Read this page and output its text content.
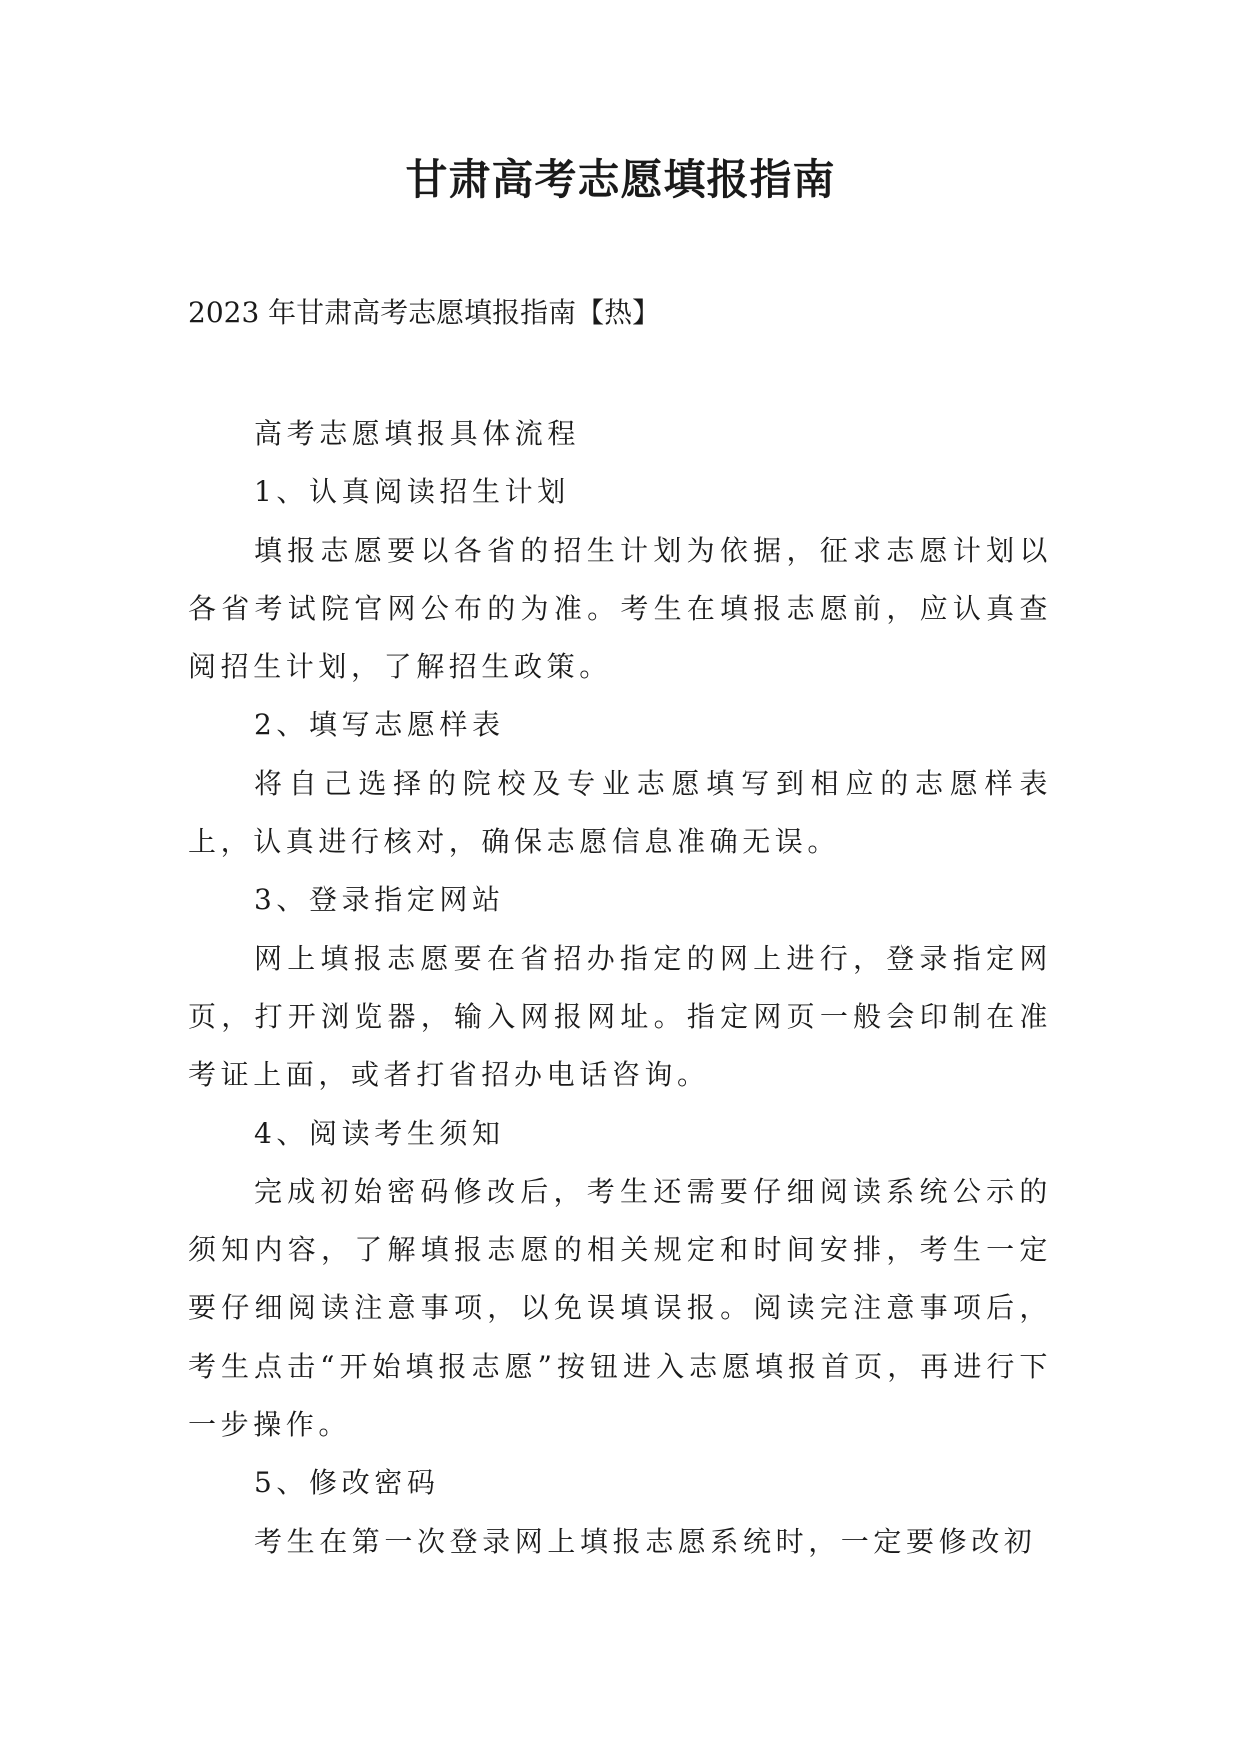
甘肃高考志愿填报指南

2023 年甘肃高考志愿填报指南【热】

高考志愿填报具体流程

1、认真阅读招生计划

填报志愿要以各省的招生计划为依据，征求志愿计划以各省考试院官网公布的为准。考生在填报志愿前，应认真查阅招生计划，了解招生政策。

2、填写志愿样表

将自己选择的院校及专业志愿填写到相应的志愿样表上，认真进行核对，确保志愿信息准确无误。

3、登录指定网站

网上填报志愿要在省招办指定的网上进行，登录指定网页，打开浏览器，输入网报网址。指定网页一般会印制在准考证上面，或者打省招办电话咨询。

4、阅读考生须知

完成初始密码修改后，考生还需要仔细阅读系统公示的须知内容，了解填报志愿的相关规定和时间安排，考生一定要仔细阅读注意事项，以免误填误报。阅读完注意事项后，考生点击“开始填报志愿”按钮进入志愿填报首页，再进行下一步操作。

5、修改密码

考生在第一次登录网上填报志愿系统时，一定要修改初
